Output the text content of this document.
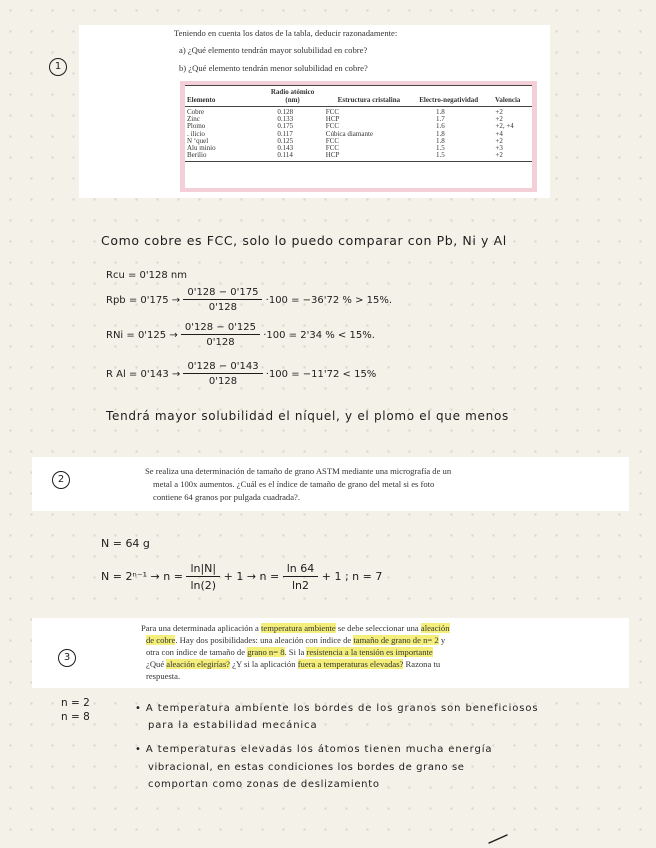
1
Teniendo en cuenta los datos de la tabla, deducir razonadamente:
a) ¿Qué elemento tendrán mayor solubilidad en cobre?
b) ¿Qué elemento tendrán menor solubilidad en cobre?
Elemento	Radio atómico (nm)	Estructura cristalina	Electro-negatividad	Valencia
Cobre	0.128	FCC	1.8	+2
Zinc	0.133	HCP	1.7	+2
Plomo	0.175	FCC	1.6	+2, +4
. ilicio	0.117	Cúbica diamante	1.8	+4
N ‘quel	0.125	FCC	1.8	+2
Alu minio	0.143	FCC	1.5	+3
Berilio	0.114	HCP	1.5	+2
Como cobre es FCC, solo lo puedo comparar con Pb, Ni y Al
Rcu = 0'128 nm
Rpb = $0'175 \to \frac{0'128 - 0'175}{0'128} \cdot 100 = -36'72$ % > 15%.
RNi = $0'125 \to \frac{0'128 - 0'125}{0'128} \cdot 100 = 2'34$ % < 15%.
R $Al = 0'143 \to \frac{0'128 - 0'143}{0'128} \cdot 100 = -11'72 < 15\%$
Tendrá mayor solubilidad el níquel, y el plomo el que menos
Se realiza una determinación de tamaño de grano ASTM mediante una micrografía de un
metal a 100x aumentos. ¿Cuál es el índice de tamaño de grano del metal si es foto
contiene 64 granos por pulgada cuadrada?.
2
N = 64 g
$N = 2^{n-1} \to n = \frac{\ln|N|}{\ln(2)} + 1 \to n = \frac{\ln 64}{\ln 2} + 1$ ; n = 7
Para una determinada aplicación a temperatura ambiente se debe seleccionar una aleación
de cobre. Hay dos posibilidades: una aleación con índice de tamaño de grano de n= 2 y
otra con índice de tamaño de grano n= 8. Si la resistencia a la tensión es importante
¿Qué aleación elegirías? ¿Y si la aplicación fuera a temperaturas elevadas? Razona tu
respuesta.
3
n = 2
n = 8
• A temperatura ambiente los bordes de los granos son beneficiosos
para la estabilidad mecánica
• A temperaturas elevadas los átomos tienen mucha energía
vibracional, en estas condiciones los bordes de grano se
comportan como zonas de deslizamiento
